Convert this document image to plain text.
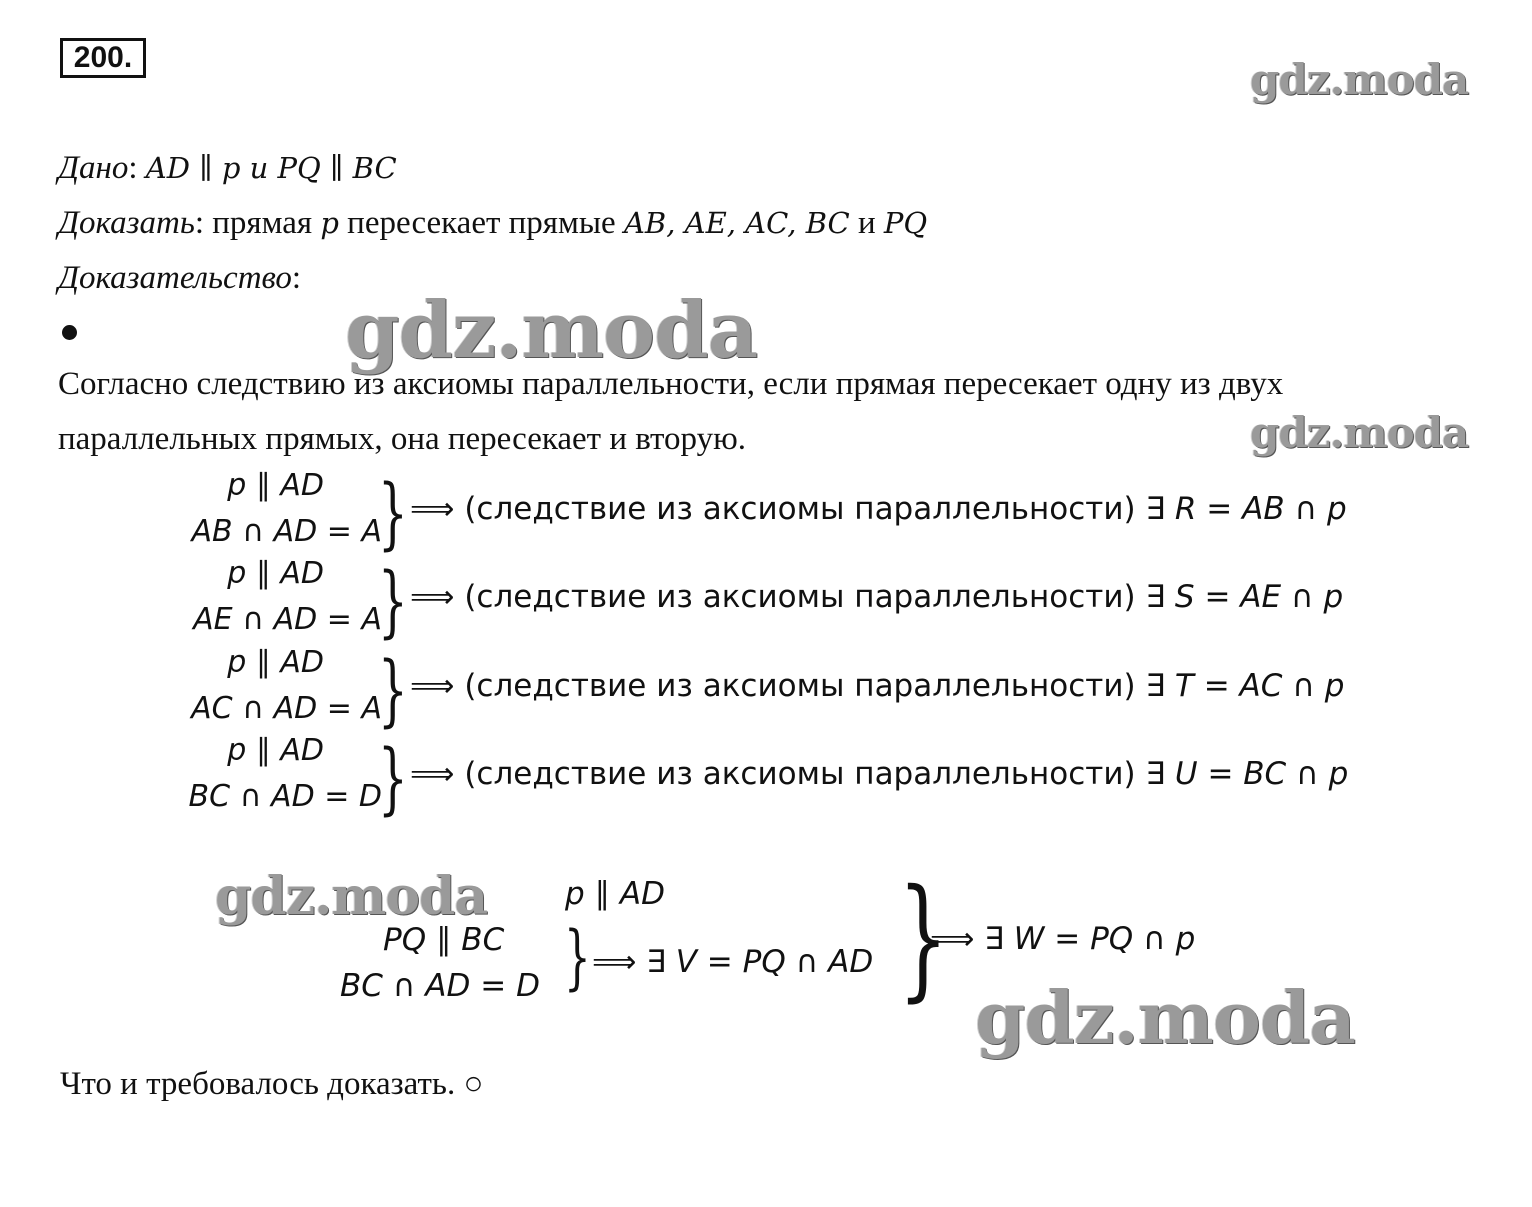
200.	gdz.moda
gdz.moda
gdz.moda
gdz.moda
gdz.moda
Дано: AD ∥ p и PQ ∥ BC
Доказать: прямая p пересекает прямые AB, AE, AC, BC и PQ
Доказательство:
Согласно следствию из аксиомы параллельности, если прямая пересекает одну из двух
параллельных прямых, она пересекает и вторую.
p ∥ AD
AB ∩ AD = A
} ⟹ (следствие из аксиомы параллельности) ∃ R = AB ∩ p
p ∥ AD
AE ∩ AD = A
} ⟹ (следствие из аксиомы параллельности) ∃ S = AE ∩ p
p ∥ AD
AC ∩ AD = A
} ⟹ (следствие из аксиомы параллельности) ∃ T = AC ∩ p
p ∥ AD
BC ∩ AD = D
} ⟹ (следствие из аксиомы параллельности) ∃ U = BC ∩ p
p ∥ AD
PQ ∥ BC
BC ∩ AD = D } ⟹ ∃ V = PQ ∩ AD }
⟹ ∃ W = PQ ∩ p
Что и требовалось доказать. ○
